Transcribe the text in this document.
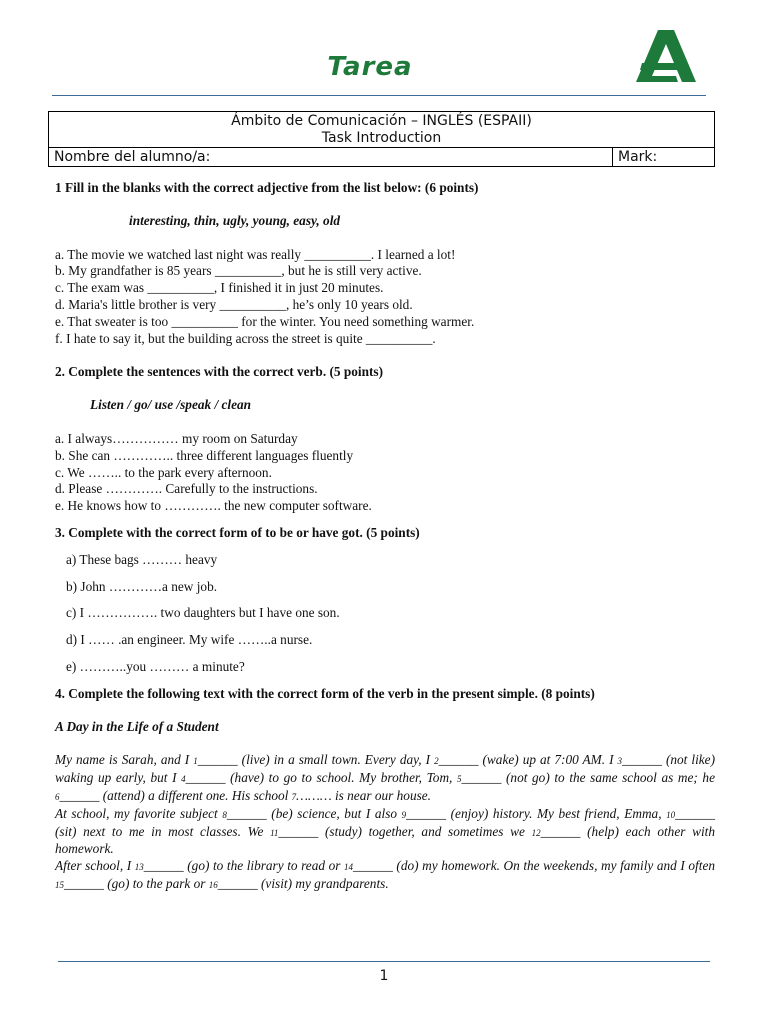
Tarea
Ámbito de Comunicación – INGLÉS (ESPAII)
Task Introduction

Nombre del alumno/a:	Mark:

1 Fill in the blanks with the correct adjective from the list below: (6 points)

interesting, thin, ugly, young, easy, old

a. The movie we watched last night was really __________. I learned a lot!

b. My grandfather is 85 years __________, but he is still very active.

c. The exam was __________, I finished it in just 20 minutes.

d. Maria's little brother is very __________, he’s only 10 years old.

e. That sweater is too __________ for the winter. You need something warmer.

f. I hate to say it, but the building across the street is quite __________.

2. Complete the sentences with the correct verb. (5 points)

Listen / go/ use /speak / clean

a. I always…………… my room on Saturday

b. She can ………….. three different languages fluently

c. We …….. to the park every afternoon.

d. Please …………. Carefully to the instructions.

e. He knows how to …………. the new computer software.

3. Complete with the correct form of to be or have got. (5 points)

a) These bags ……… heavy

b) John …………a new job.

c) I ……………. two daughters but I have one son.

d) I …… .an engineer. My wife ……..a nurse.

e) ………..you ……… a minute?

4. Complete the following text with the correct form of the verb in the present simple. (8 points)

A Day in the Life of a Student

My name is Sarah, and I 1______ (live) in a small town. Every day, I 2______ (wake) up at 7:00 AM. I 3______ (not like) waking up early, but I 4______ (have) to go to school. My brother, Tom, 5______ (not go) to the same school as me; he 6______ (attend) a different one. His school 7……… is near our house.

At school, my favorite subject 8______ (be) science, but I also 9______ (enjoy) history. My best friend, Emma, 10______ (sit) next to me in most classes. We 11______ (study) together, and sometimes we 12______ (help) each other with homework.

After school, I 13______ (go) to the library to read or 14______ (do) my homework. On the weekends, my family and I often 15______ (go) to the park or 16______ (visit) my grandparents.

1
